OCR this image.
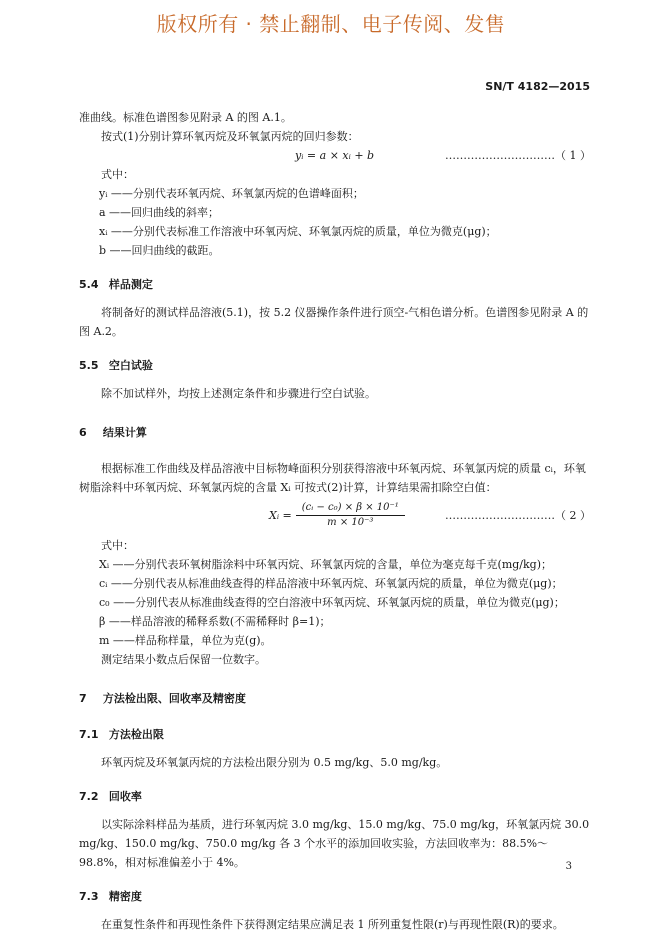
版权所有 · 禁止翻制、电子传阅、发售
SN/T 4182—2015

准曲线。标准色谱图参见附录 A 的图 A.1。

按式(1)分别计算环氧丙烷及环氧氯丙烷的回归参数：

yᵢ = a × xᵢ + b	…………………………（ 1 ）

式中：

yᵢ ——分别代表环氧丙烷、环氧氯丙烷的色谱峰面积；

a ——回归曲线的斜率；

xᵢ ——分别代表标准工作溶液中环氧丙烷、环氧氯丙烷的质量，单位为微克(μg)；

b ——回归曲线的截距。

5.4 样品测定

将制备好的测试样品溶液(5.1)，按 5.2 仪器操作条件进行顶空-气相色谱分析。色谱图参见附录 A 的图 A.2。

5.5 空白试验

除不加试样外，均按上述测定条件和步骤进行空白试验。

6 结果计算

根据标准工作曲线及样品溶液中目标物峰面积分别获得溶液中环氧丙烷、环氧氯丙烷的质量 cᵢ，环氧树脂涂料中环氧丙烷、环氧氯丙烷的含量 Xᵢ 可按式(2)计算，计算结果需扣除空白值：

Xᵢ = $\frac{\text{(cᵢ − c₀) × β × 10⁻¹}}{\text{m × 10⁻³}}$	…………………………（ 2 ）

式中：

Xᵢ ——分别代表环氧树脂涂料中环氧丙烷、环氧氯丙烷的含量，单位为毫克每千克(mg/kg)；

cᵢ ——分别代表从标准曲线查得的样品溶液中环氧丙烷、环氧氯丙烷的质量，单位为微克(μg)；

c₀ ——分别代表从标准曲线查得的空白溶液中环氧丙烷、环氧氯丙烷的质量，单位为微克(μg)；

β ——样品溶液的稀释系数(不需稀释时 β=1)；

m ——样品称样量，单位为克(g)。

测定结果小数点后保留一位数字。

7 方法检出限、回收率及精密度
7.1 方法检出限

环氧丙烷及环氧氯丙烷的方法检出限分别为 0.5 mg/kg、5.0 mg/kg。

7.2 回收率

以实际涂料样品为基质，进行环氧丙烷 3.0 mg/kg、15.0 mg/kg、75.0 mg/kg，环氧氯丙烷 30.0 mg/kg、150.0 mg/kg、750.0 mg/kg 各 3 个水平的添加回收实验，方法回收率为：88.5%～98.8%，相对标准偏差小于 4%。

7.3 精密度

在重复性条件和再现性条件下获得测定结果应满足表 1 所列重复性限(r)与再现性限(R)的要求。

3
